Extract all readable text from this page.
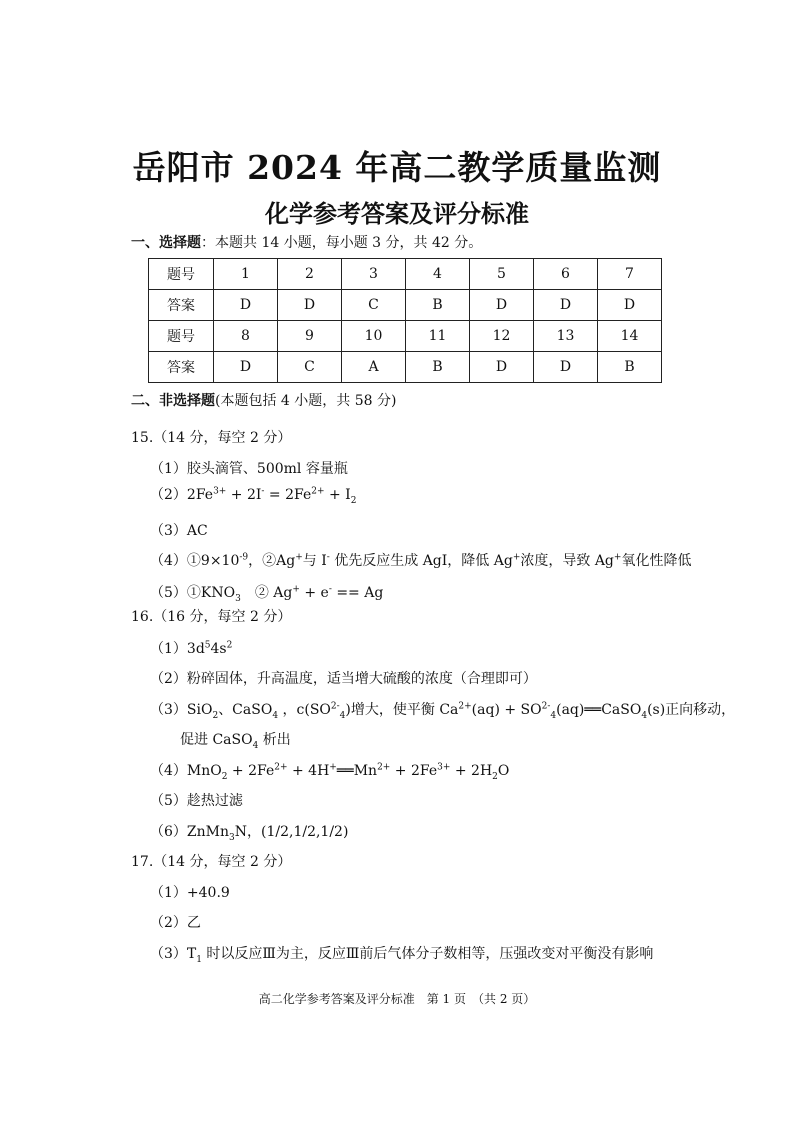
岳阳市 2024 年高二教学质量监测
化学参考答案及评分标准
一、选择题：本题共 14 小题，每小题 3 分，共 42 分。
题号	1	2	3	4	5	6	7
答案	D	D	C	B	D	D	D
题号	8	9	10	11	12	13	14
答案	D	C	A	B	D	D	B
二、非选择题(本题包括 4 小题，共 58 分)
15.（14 分，每空 2 分）
（1）胶头滴管、500ml 容量瓶
$(2)2Fe^{3+} + 2I^- = 2Fe^{2+} + I_2$
（3）AC
$(4)①9\times 10^{-9}$，②Ag+与 I- 优先反应生成 AgI，降低 Ag+浓度，导致 Ag+氧化性降低
$(5)①KNO_3$　② Ag+ + e- == Ag
16.（16 分，每空 2 分）
$(1)3d^54s^2$
（2）粉碎固体，升高温度，适当增大硫酸的浓度（合理即可）
（3）SiO$_2$、CaSO$_4$ ，$c(SO^{2-}_4)$增大，使平衡 $Ca^{2+}(aq)$ + $SO^{2-}_4(aq)══CaSO_4(s)$正向移动，
促进 CaSO$_4$ 析出
$(4)MnO_2 + 2Fe^{2+}$ + $4H^+══Mn^{2+} + 2Fe^{3+} + 2H_2O$
（5）趁热过滤
（6）ZnMn$_3$N，(1/2,1/2,1/2)
17.（14 分，每空 2 分）
（1）+40.9
（2）乙
$(3)T_1$ 时以反应Ⅲ为主，反应Ⅲ前后气体分子数相等，压强改变对平衡没有影响
高二化学参考答案及评分标准　第 1 页　（共 2 页）
